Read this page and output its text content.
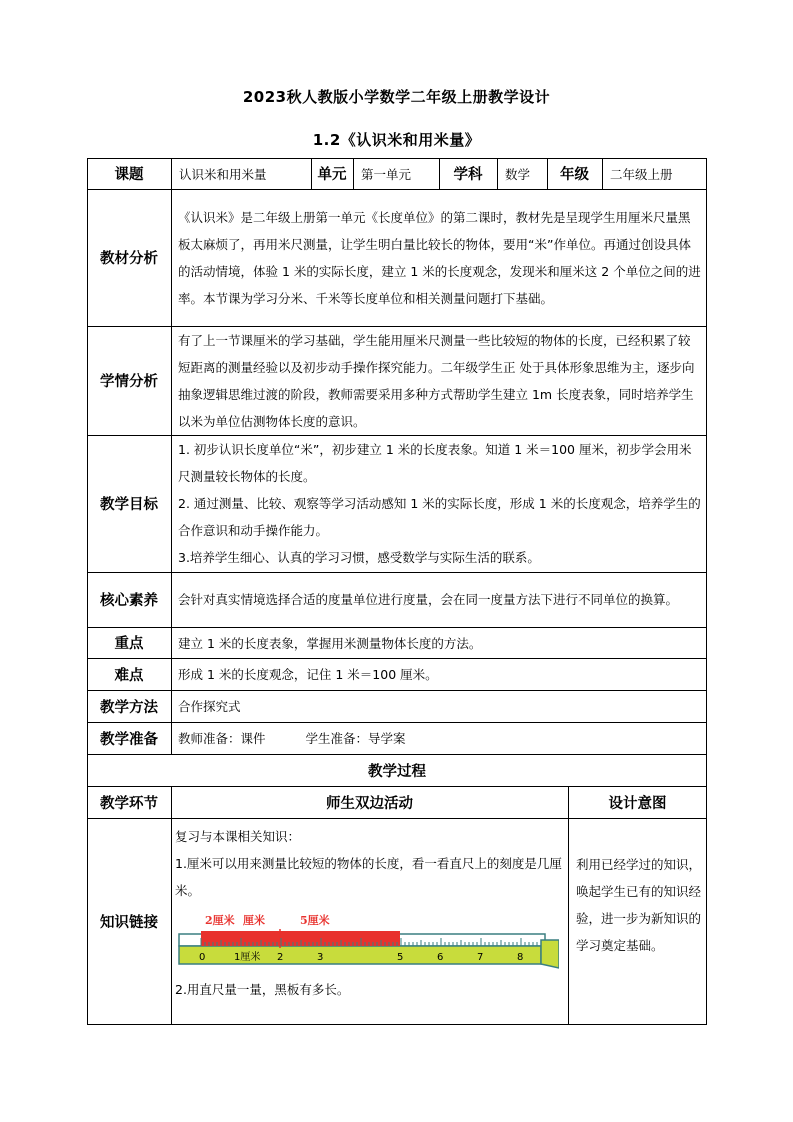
2023秋人教版小学数学二年级上册教学设计
1.2《认识米和用米量》
课题	认识米和用米量	单元	第一单元	学科	数学	年级	二年级上册
教材分析
《认识米》是二年级上册第一单元《长度单位》的第二课时，教材先是呈现学生用厘米尺量黑板太麻烦了，再用米尺测量，让学生明白量比较长的物体，要用“米”作单位。再通过创设具体的活动情境，体验 1 米的实际长度，建立 1 米的长度观念，发现米和厘米这 2 个单位之间的进率。本节课为学习分米、千米等长度单位和相关测量问题打下基础。
学情分析
有了上一节课厘米的学习基础，学生能用厘米尺测量一些比较短的物体的长度，已经积累了较短距离的测量经验以及初步动手操作探究能力。二年级学生正 处于具体形象思维为主，逐步向抽象逻辑思维过渡的阶段，教师需要采用多种方式帮助学生建立 1m 长度表象，同时培养学生以米为单位估测物体长度的意识。
教学目标
1. 初步认识长度单位“米”，初步建立 1 米的长度表象。知道 1 米＝100 厘米，初步学会用米尺测量较长物体的长度。
2. 通过测量、比较、观察等学习活动感知 1 米的实际长度，形成 1 米的长度观念，培养学生的合作意识和动手操作能力。
3.培养学生细心、认真的学习习惯，感受数学与实际生活的联系。
核心素养	会针对真实情境选择合适的度量单位进行度量，会在同一度量方法下进行不同单位的换算。
重点	建立 1 米的长度表象，掌握用米测量物体长度的方法。
难点	形成 1 米的长度观念，记住 1 米＝100 厘米。
教学方法	合作探究式
教学准备	教师准备：课件	学生准备：导学案
教学过程
教学环节	师生双边活动	设计意图
知识链接

复习与本课相关知识：

1.厘米可以用来测量比较短的物体的长度，看一看直尺上的刻度是几厘米。

2厘米 厘米	5厘米
0	1厘米 2	3	5	6	7	8

2.用直尺量一量，黑板有多长。

利用已经学过的知识，唤起学生已有的知识经验，进一步为新知识的学习奠定基础。
